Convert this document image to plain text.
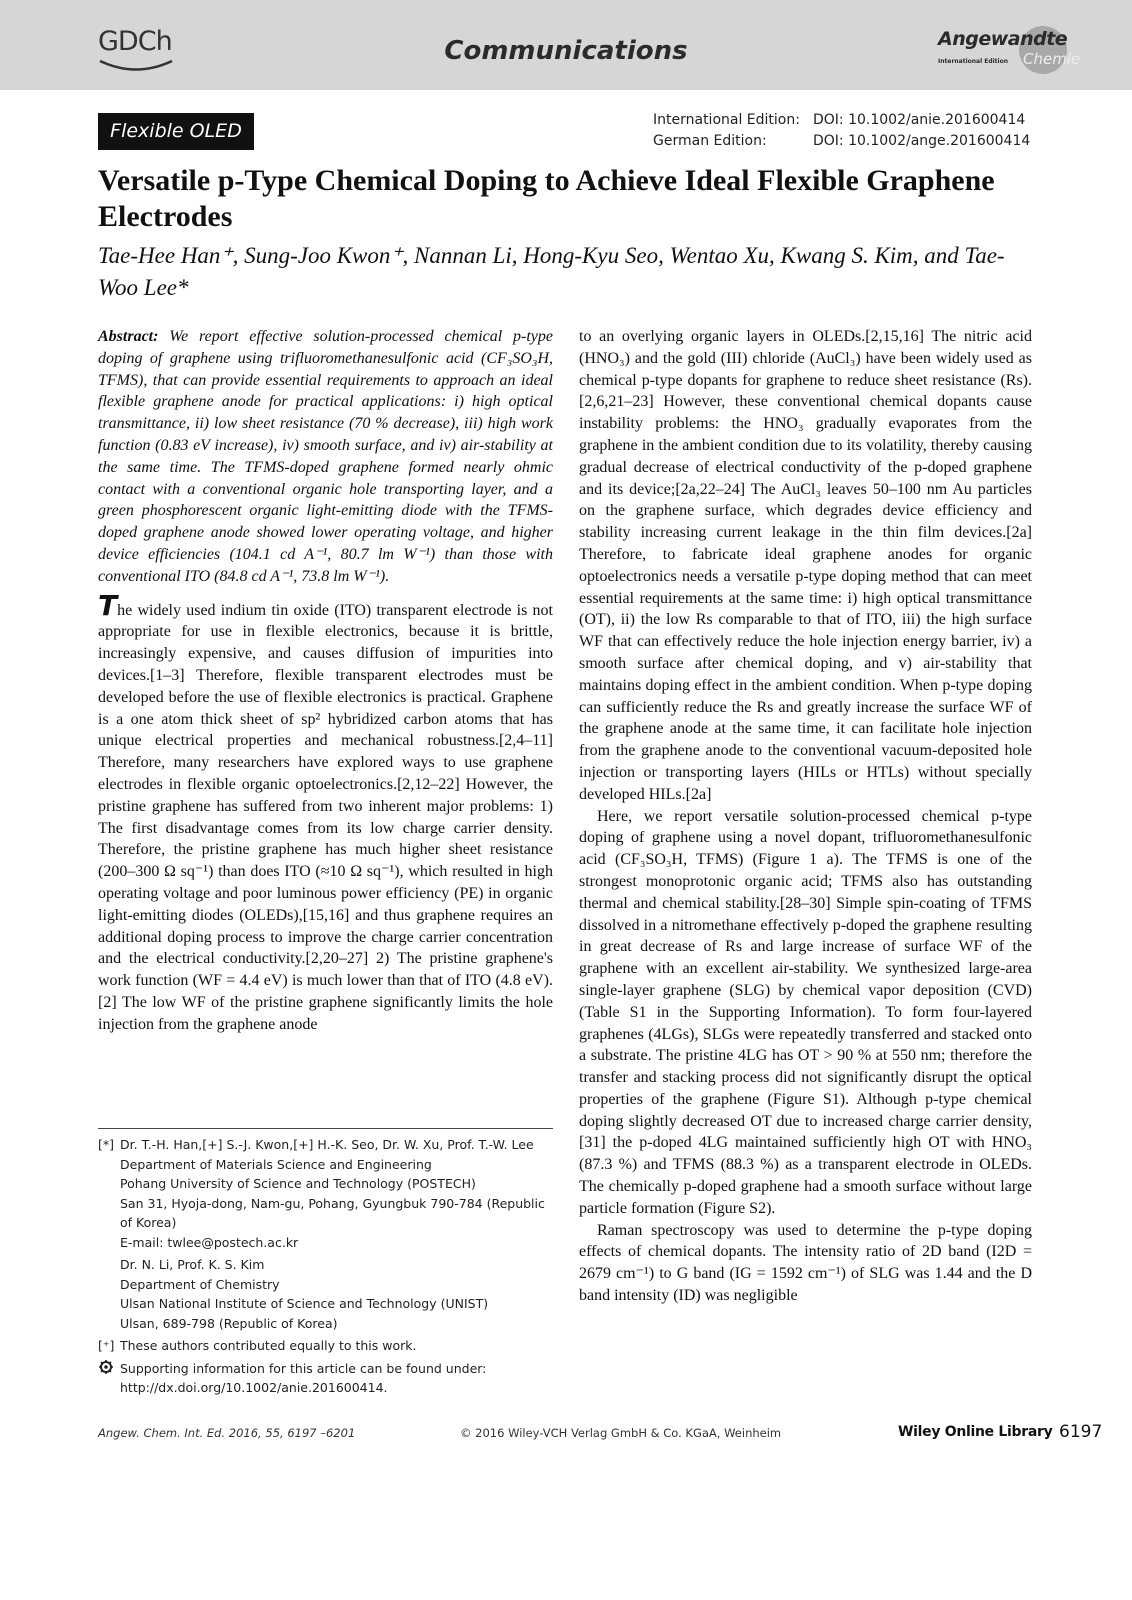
GDCh	Communications	Angewandte
International Edition Chemie
Flexible OLED	International Edition: DOI: 10.1002/anie.201600414
German Edition:	DOI: 10.1002/ange.201600414
Versatile p-Type Chemical Doping to Achieve Ideal Flexible Graphene Electrodes
Tae-Hee Han⁺, Sung-Joo Kwon⁺, Nannan Li, Hong-Kyu Seo, Wentao Xu, Kwang S. Kim, and Tae-Woo Lee*

Abstract: We report effective solution-processed chemical p-type doping of graphene using trifluoromethanesulfonic acid (CF₃SO₃H, TFMS), that can provide essential requirements to approach an ideal flexible graphene anode for practical applications: i) high optical transmittance, ii) low sheet resistance (70 % decrease), iii) high work function (0.83 eV increase), iv) smooth surface, and iv) air-stability at the same time. The TFMS-doped graphene formed nearly ohmic contact with a conventional organic hole transporting layer, and a green phosphorescent organic light-emitting diode with the TFMS-doped graphene anode showed lower operating voltage, and higher device efficiencies (104.1 cd A⁻¹, 80.7 lm W⁻¹) than those with conventional ITO (84.8 cd A⁻¹, 73.8 lm W⁻¹).

The widely used indium tin oxide (ITO) transparent electrode is not appropriate for use in flexible electronics, because it is brittle, increasingly expensive, and causes diffusion of impurities into devices.[1–3] Therefore, flexible transparent electrodes must be developed before the use of flexible electronics is practical. Graphene is a one atom thick sheet of sp² hybridized carbon atoms that has unique electrical properties and mechanical robustness.[2,4–11] Therefore, many researchers have explored ways to use graphene electrodes in flexible organic optoelectronics.[2,12–22] However, the pristine graphene has suffered from two inherent major problems: 1) The first disadvantage comes from its low charge carrier density. Therefore, the pristine graphene has much higher sheet resistance (200–300 Ω sq⁻¹) than does ITO (≈10 Ω sq⁻¹), which resulted in high operating voltage and poor luminous power efficiency (PE) in organic light-emitting diodes (OLEDs),[15,16] and thus graphene requires an additional doping process to improve the charge carrier concentration and the electrical conductivity.[2,20–27] 2) The pristine graphene's work function (WF = 4.4 eV) is much lower than that of ITO (4.8 eV).[2] The low WF of the pristine graphene significantly limits the hole injection from the graphene anode

to an overlying organic layers in OLEDs.[2,15,16] The nitric acid (HNO₃) and the gold (III) chloride (AuCl₃) have been widely used as chemical p-type dopants for graphene to reduce sheet resistance (Rs).[2,6,21–23] However, these conventional chemical dopants cause instability problems: the HNO₃ gradually evaporates from the graphene in the ambient condition due to its volatility, thereby causing gradual decrease of electrical conductivity of the p-doped graphene and its device;[2a,22–24] The AuCl₃ leaves 50–100 nm Au particles on the graphene surface, which degrades device efficiency and stability increasing current leakage in the thin film devices.[2a] Therefore, to fabricate ideal graphene anodes for organic optoelectronics needs a versatile p-type doping method that can meet essential requirements at the same time: i) high optical transmittance (OT), ii) the low Rs comparable to that of ITO, iii) the high surface WF that can effectively reduce the hole injection energy barrier, iv) a smooth surface after chemical doping, and v) air-stability that maintains doping effect in the ambient condition. When p-type doping can sufficiently reduce the Rs and greatly increase the surface WF of the graphene anode at the same time, it can facilitate hole injection from the graphene anode to the conventional vacuum-deposited hole injection or transporting layers (HILs or HTLs) without specially developed HILs.[2a]

Here, we report versatile solution-processed chemical p-type doping of graphene using a novel dopant, trifluoromethanesulfonic acid (CF₃SO₃H, TFMS) (Figure 1 a). The TFMS is one of the strongest monoprotonic organic acid; TFMS also has outstanding thermal and chemical stability.[28–30] Simple spin-coating of TFMS dissolved in a nitromethane effectively p-doped the graphene resulting in great decrease of Rs and large increase of surface WF of the graphene with an excellent air-stability. We synthesized large-area single-layer graphene (SLG) by chemical vapor deposition (CVD) (Table S1 in the Supporting Information). To form four-layered graphenes (4LGs), SLGs were repeatedly transferred and stacked onto a substrate. The pristine 4LG has OT > 90 % at 550 nm; therefore the transfer and stacking process did not significantly disrupt the optical properties of the graphene (Figure S1). Although p-type chemical doping slightly decreased OT due to increased charge carrier density,[31] the p-doped 4LG maintained sufficiently high OT with HNO₃ (87.3 %) and TFMS (88.3 %) as a transparent electrode in OLEDs. The chemically p-doped graphene had a smooth surface without large particle formation (Figure S2).

Raman spectroscopy was used to determine the p-type doping effects of chemical dopants. The intensity ratio of 2D band (I2D = 2679 cm⁻¹) to G band (IG = 1592 cm⁻¹) of SLG was 1.44 and the D band intensity (ID) was negligible

[*] Dr. T.-H. Han,[+] S.-J. Kwon,[+] H.-K. Seo, Dr. W. Xu, Prof. T.-W. Lee
Department of Materials Science and Engineering
Pohang University of Science and Technology (POSTECH)
San 31, Hyoja-dong, Nam-gu, Pohang, Gyungbuk 790-784 (Republic of Korea)
E-mail: twlee@postech.ac.kr
Dr. N. Li, Prof. K. S. Kim
Department of Chemistry
Ulsan National Institute of Science and Technology (UNIST)
Ulsan, 689-798 (Republic of Korea)
[⁺] These authors contributed equally to this work.
Supporting information for this article can be found under: http://dx.doi.org/10.1002/anie.201600414.
Angew. Chem. Int. Ed. 2016, 55, 6197 –6201	© 2016 Wiley-VCH Verlag GmbH & Co. KGaA, Weinheim	Wiley Online Library 6197
